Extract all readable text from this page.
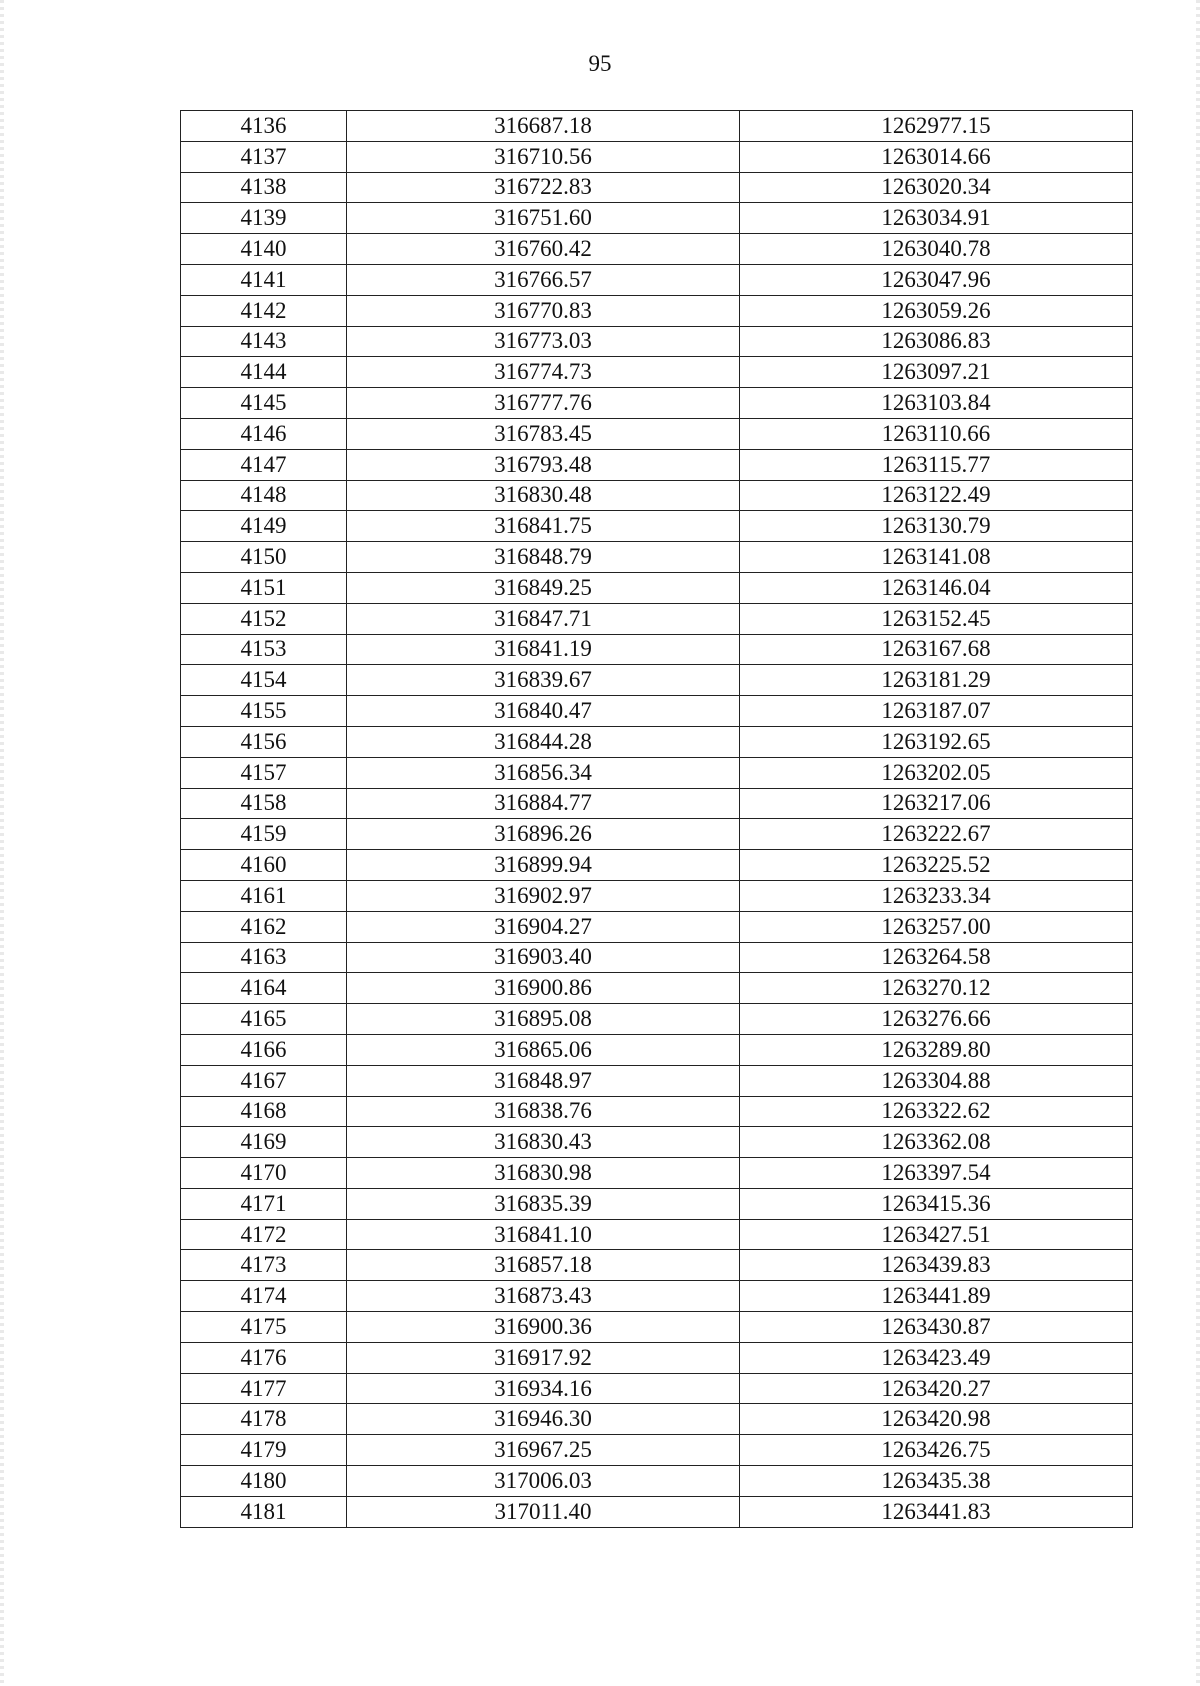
95
4136	316687.18	1262977.15
4137	316710.56	1263014.66
4138	316722.83	1263020.34
4139	316751.60	1263034.91
4140	316760.42	1263040.78
4141	316766.57	1263047.96
4142	316770.83	1263059.26
4143	316773.03	1263086.83
4144	316774.73	1263097.21
4145	316777.76	1263103.84
4146	316783.45	1263110.66
4147	316793.48	1263115.77
4148	316830.48	1263122.49
4149	316841.75	1263130.79
4150	316848.79	1263141.08
4151	316849.25	1263146.04
4152	316847.71	1263152.45
4153	316841.19	1263167.68
4154	316839.67	1263181.29
4155	316840.47	1263187.07
4156	316844.28	1263192.65
4157	316856.34	1263202.05
4158	316884.77	1263217.06
4159	316896.26	1263222.67
4160	316899.94	1263225.52
4161	316902.97	1263233.34
4162	316904.27	1263257.00
4163	316903.40	1263264.58
4164	316900.86	1263270.12
4165	316895.08	1263276.66
4166	316865.06	1263289.80
4167	316848.97	1263304.88
4168	316838.76	1263322.62
4169	316830.43	1263362.08
4170	316830.98	1263397.54
4171	316835.39	1263415.36
4172	316841.10	1263427.51
4173	316857.18	1263439.83
4174	316873.43	1263441.89
4175	316900.36	1263430.87
4176	316917.92	1263423.49
4177	316934.16	1263420.27
4178	316946.30	1263420.98
4179	316967.25	1263426.75
4180	317006.03	1263435.38
4181	317011.40	1263441.83
